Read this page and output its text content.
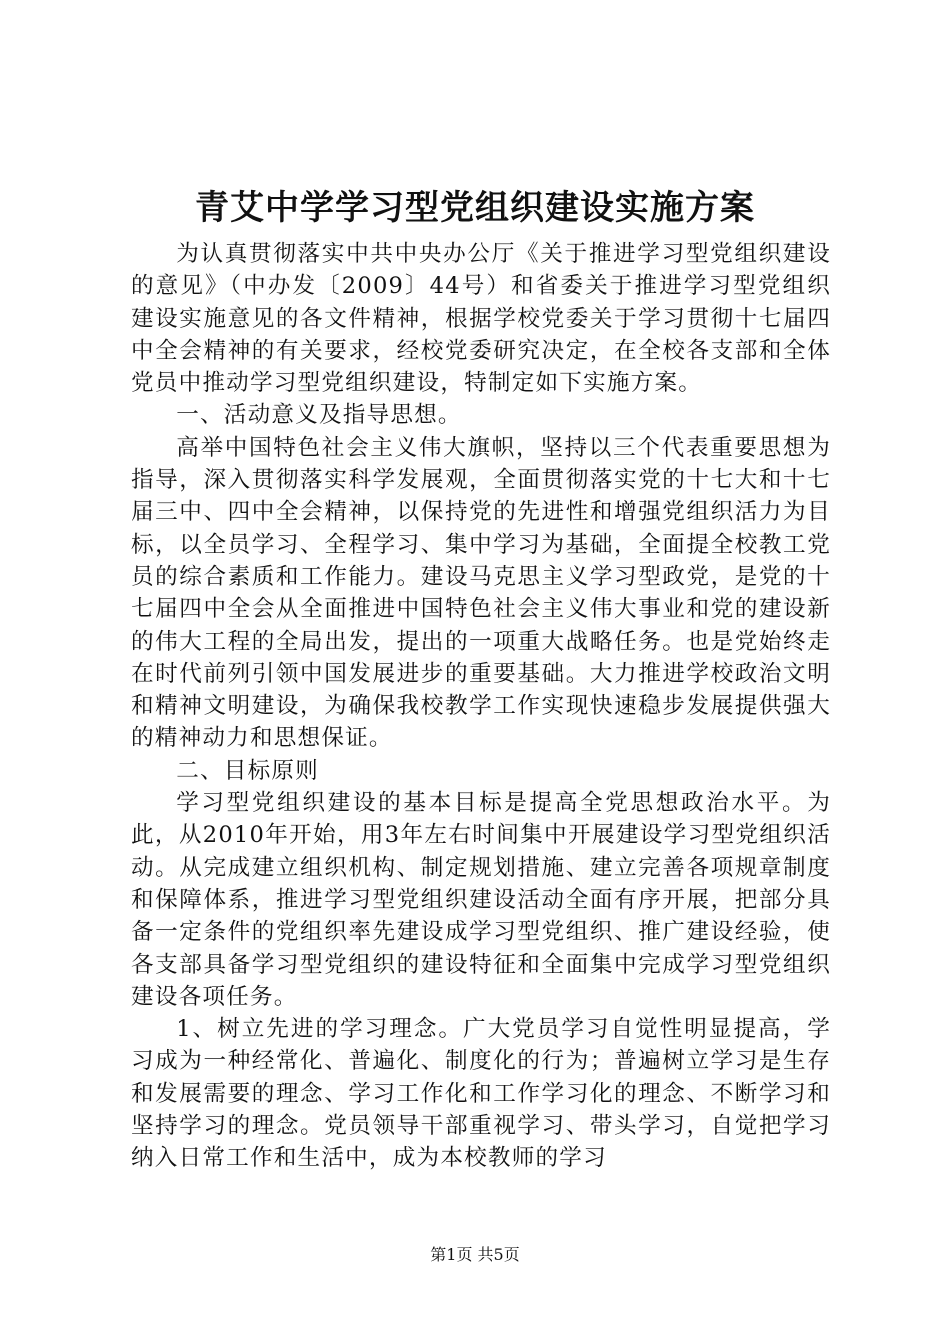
青艾中学学习型党组织建设实施方案

为认真贯彻落实中共中央办公厅《关于推进学习型党组织建设的意见》（中办发〔2009〕44号）和省委关于推进学习型党组织建设实施意见的各文件精神，根据学校党委关于学习贯彻十七届四中全会精神的有关要求，经校党委研究决定，在全校各支部和全体党员中推动学习型党组织建设，特制定如下实施方案。

一、活动意义及指导思想。

高举中国特色社会主义伟大旗帜，坚持以三个代表重要思想为指导，深入贯彻落实科学发展观，全面贯彻落实党的十七大和十七届三中、四中全会精神，以保持党的先进性和增强党组织活力为目标，以全员学习、全程学习、集中学习为基础，全面提全校教工党员的综合素质和工作能力。建设马克思主义学习型政党，是党的十七届四中全会从全面推进中国特色社会主义伟大事业和党的建设新的伟大工程的全局出发，提出的一项重大战略任务。也是党始终走在时代前列引领中国发展进步的重要基础。大力推进学校政治文明和精神文明建设，为确保我校教学工作实现快速稳步发展提供强大的精神动力和思想保证。

二、目标原则

学习型党组织建设的基本目标是提高全党思想政治水平。为此，从2010年开始，用3年左右时间集中开展建设学习型党组织活动。从完成建立组织机构、制定规划措施、建立完善各项规章制度和保障体系，推进学习型党组织建设活动全面有序开展，把部分具备一定条件的党组织率先建设成学习型党组织、推广建设经验，使各支部具备学习型党组织的建设特征和全面集中完成学习型党组织建设各项任务。

1、树立先进的学习理念。广大党员学习自觉性明显提高，学习成为一种经常化、普遍化、制度化的行为；普遍树立学习是生存和发展需要的理念、学习工作化和工作学习化的理念、不断学习和坚持学习的理念。党员领导干部重视学习、带头学习，自觉把学习纳入日常工作和生活中，成为本校教师的学习

第1页 共5页
